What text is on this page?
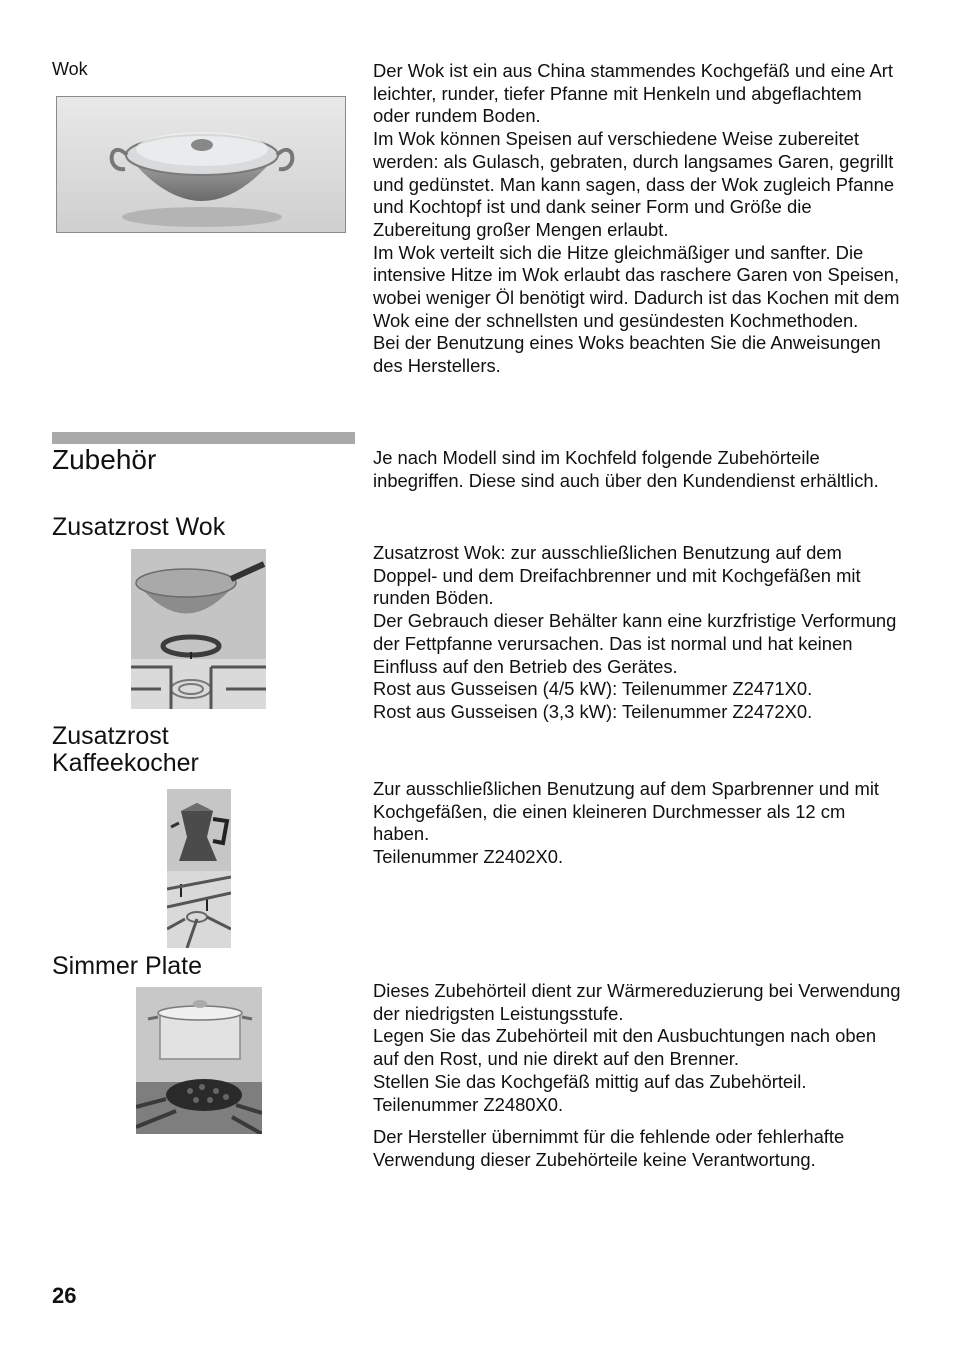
Wok	Der Wok ist ein aus China stammendes Kochgefäß und eine Art leichter, runder, tiefer Pfanne mit Henkeln und abgeflachtem oder rundem Boden.

Im Wok können Speisen auf verschiedene Weise zubereitet werden: als Gulasch, gebraten, durch langsames Garen, gegrillt und gedünstet. Man kann sagen, dass der Wok zugleich Pfanne und Kochtopf ist und dank seiner Form und Größe die Zubereitung großer Mengen erlaubt.

Im Wok verteilt sich die Hitze gleichmäßiger und sanfter. Die intensive Hitze im Wok erlaubt das raschere Garen von Speisen, wobei weniger Öl benötigt wird. Dadurch ist das Kochen mit dem Wok eine der schnellsten und gesündesten Kochmethoden.

Bei der Benutzung eines Woks beachten Sie die Anweisungen des Herstellers.

Zubehör	Je nach Modell sind im Kochfeld folgende Zubehörteile inbegriffen. Diese sind auch über den Kundendienst erhältlich.
Zusatzrost Wok

Zusatzrost Wok: zur ausschließlichen Benutzung auf dem Doppel- und dem Dreifachbrenner und mit Kochgefäßen mit runden Böden.

Der Gebrauch dieser Behälter kann eine kurzfristige Verformung der Fettpfanne verursachen. Das ist normal und hat keinen Einfluss auf den Betrieb des Gerätes.

Rost aus Gusseisen (4/5 kW): Teilenummer Z2471X0.

Rost aus Gusseisen (3,3 kW): Teilenummer Z2472X0.

Zusatzrost
Kaffeekocher

Zur ausschließlichen Benutzung auf dem Sparbrenner und mit Kochgefäßen, die einen kleineren Durchmesser als 12 cm haben.

Teilenummer Z2402X0.

Simmer Plate

Dieses Zubehörteil dient zur Wärmereduzierung bei Verwendung der niedrigsten Leistungsstufe.

Legen Sie das Zubehörteil mit den Ausbuchtungen nach oben auf den Rost, und nie direkt auf den Brenner.

Stellen Sie das Kochgefäß mittig auf das Zubehörteil.

Teilenummer Z2480X0.

Der Hersteller übernimmt für die fehlende oder fehlerhafte Verwendung dieser Zubehörteile keine Verantwortung.
26
